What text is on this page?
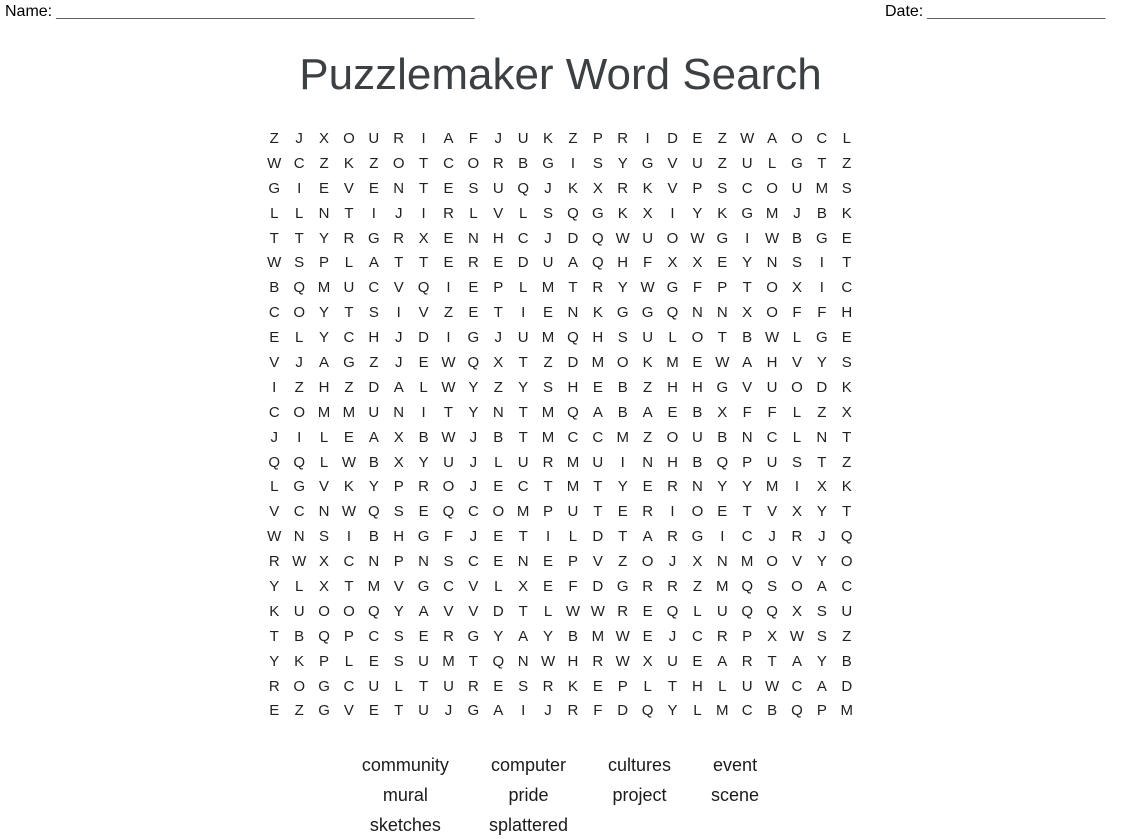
Name: _______________________________________________	Date: ____________________
Puzzlemaker Word Search
Z	J	X O U R	I	A	F	J	U K	Z	P R	I	D E	Z W A O C	L
W C Z	K	Z O T C O R B G	I	S Y G V U Z U	L G T	Z
G	I	E V E N T	E S U Q	J	K X R K V P S C O U M S
L	L	N T	I	J	I	R	L	V	L	S Q G K X	I	Y K G M J	B K
T	T	Y R G R X E N H C	J	D Q W U O W G	I	W B G E
W S P	L	A	T	T	E R E D U A Q H F	X X E Y N S	I	T
B Q M U C V Q	I	E P	L M T R Y W G F	P	T O X	I	C
C O Y	T	S	I	V	Z	E	T	I	E N K G G Q N N X O F	F H
E	L	Y C H	J	D	I	G	J	U M Q H S U	L O T	B W L G E
V	J	A G Z	J	E W Q X	T	Z D M O K M E W A H V Y S
I	Z H Z D A	L W Y	Z	Y S H E B	Z H H G V U O D K
C O M M U N	I	T	Y N T M Q A B A E B X	F	F	L	Z	X
J	I	L	E A X B W J	B	T M C C M Z O U B N C	L	N T
Q Q L W B X Y U	J	L	U R M U	I	N H B Q P U S	T	Z
L G V K Y P R O	J	E C T M T	Y E R N Y Y M	I	X K
V C N W Q S E Q C O M P U T	E R	I	O E	T	V X Y	T
W N S	I	B H G F	J	E	T	I	L	D T	A R G	I	C	J	R	J	Q
R W X C N P N S C E N E P V	Z O	J	X N M O V Y O
Y	L	X	T M V G C V	L	X E	F D G R R Z M Q S O A C
K U O O Q Y A V V D T	L W W R E Q L	U Q Q X S U
T	B Q P C S E R G Y A Y B M W E	J	C R P X W S	Z
Y K P	L	E S U M T Q N W H R W X U E A R T	A Y B
R O G C U	L	T U R E S R K E P	L	T H	L	U W C A D
E	Z G V E	T U	J	G A	I	J	R F D Q Y	L M C B Q P M
community computer cultures event
mural	pride	project scene
sketches	splattered
